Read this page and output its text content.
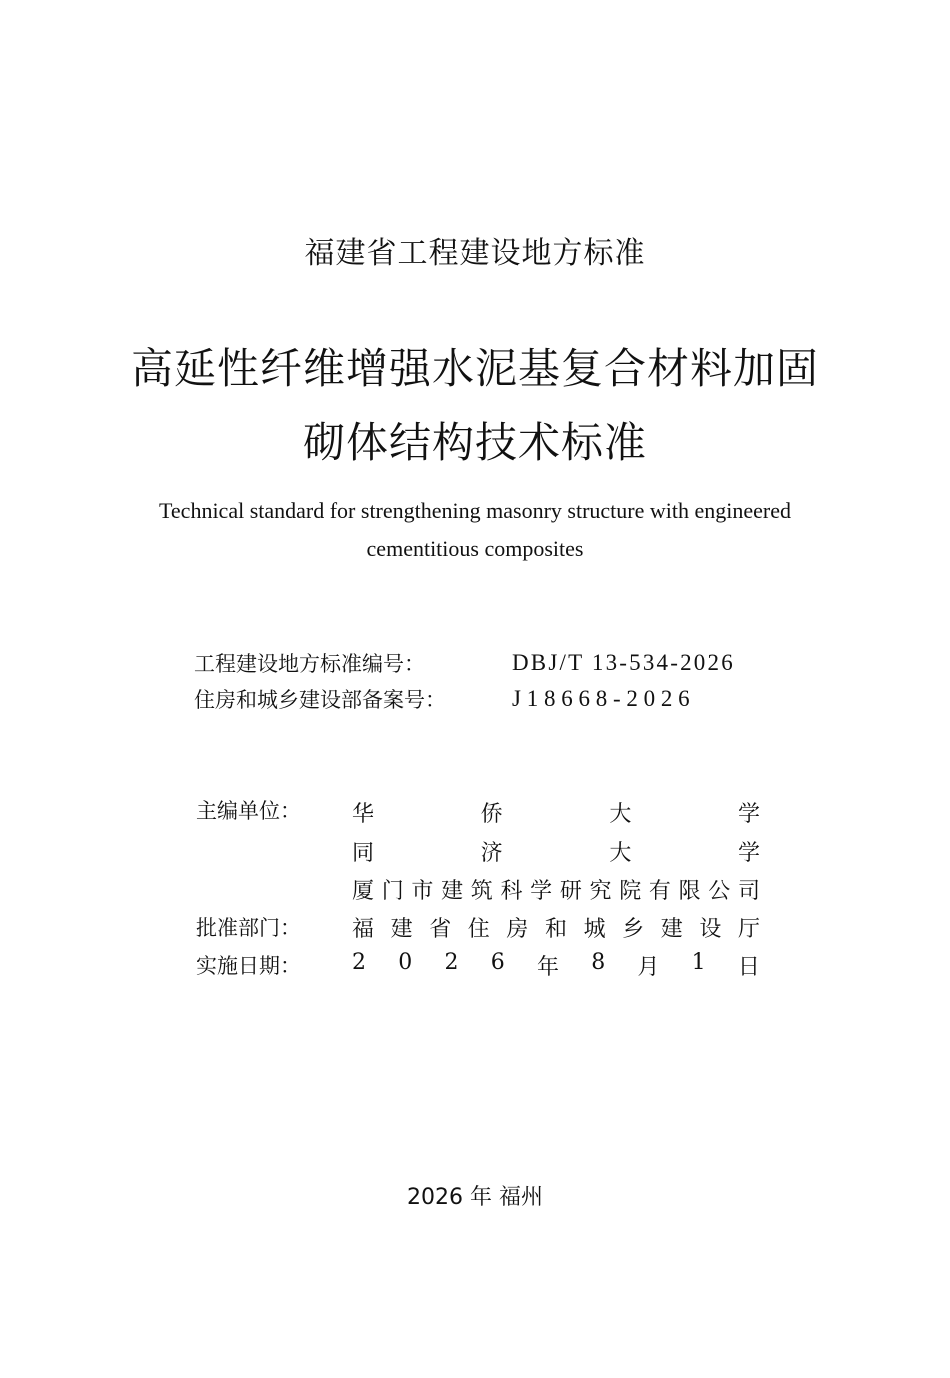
福建省工程建设地方标准
高延性纤维增强水泥基复合材料加固
砌体结构技术标准
Technical standard for strengthening masonry structure with engineered
cementitious composites
工程建设地方标准编号：	DBJ/T 13-534-2026
住房和城乡建设部备案号：	J 1 8 6 6 8 - 2 0 2 6
主编单位： 华	侨	大	学
同	济	大	学
厦 门 市 建 筑 科 学 研 究 院 有 限 公 司
批准部门： 福 建 省 住 房 和 城 乡 建 设 厅
实施日期： 2 0 2 6 年 8 月 1 日
2026 年 福州
